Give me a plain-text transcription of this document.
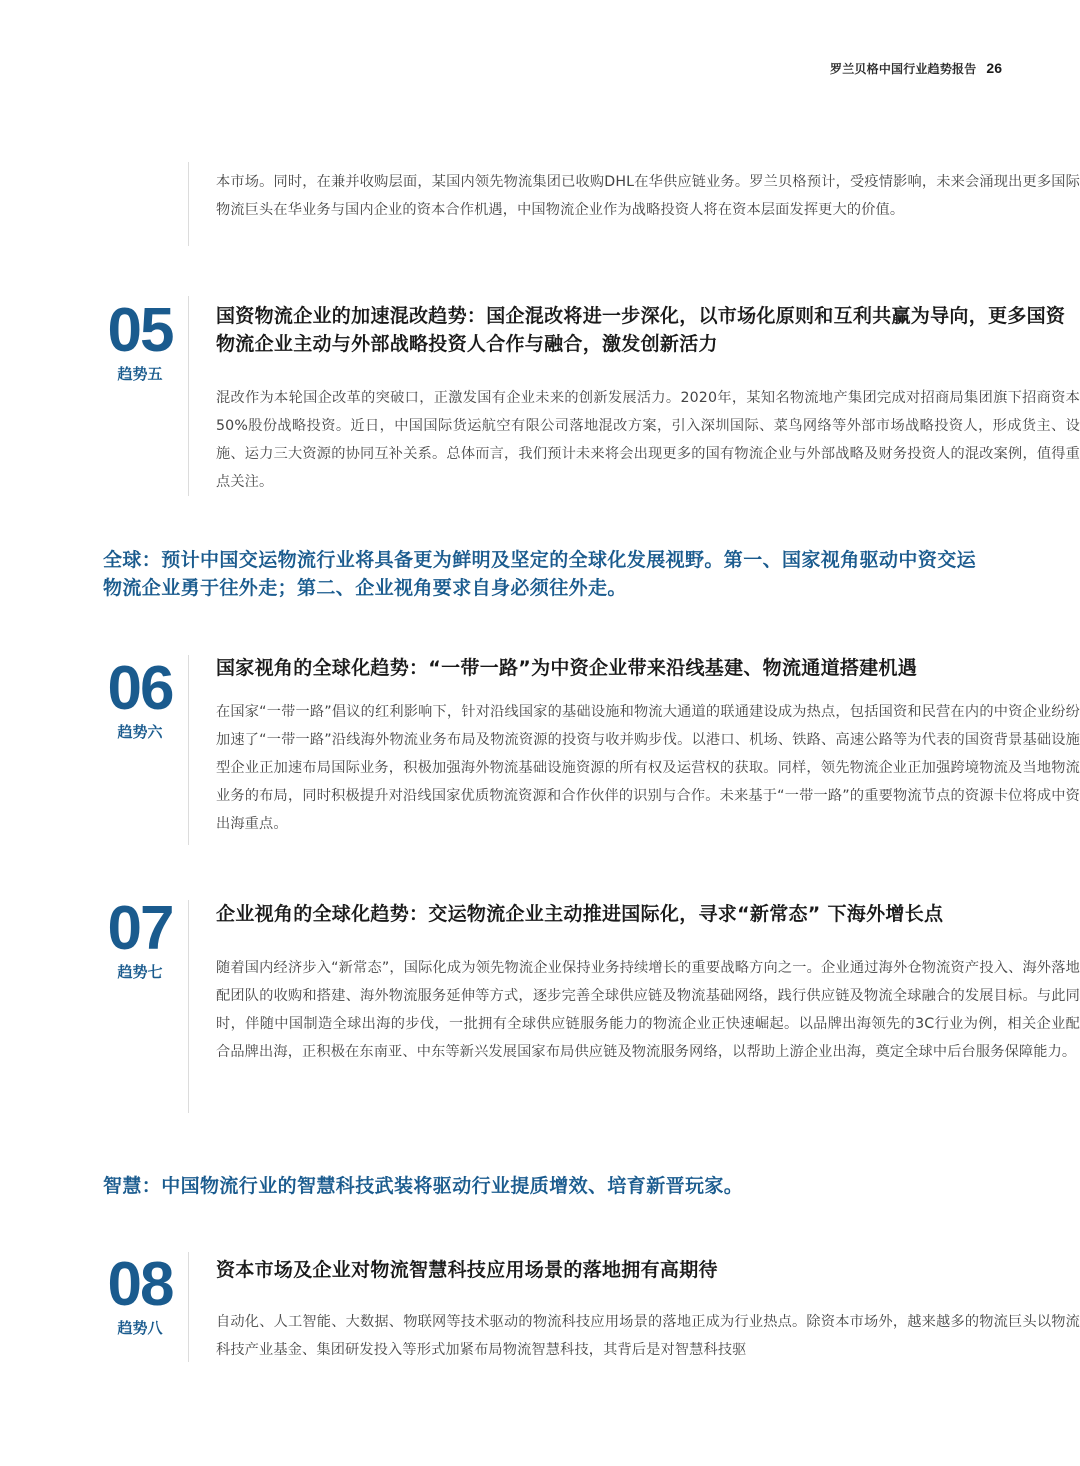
罗兰贝格中国行业趋势报告 26

本市场。同时，在兼并收购层面，某国内领先物流集团已收购DHL在华供应链业务。罗兰贝格预计，受疫情影响，未来会涌现出更多国际物流巨头在华业务与国内企业的资本合作机遇，中国物流企业作为战略投资人将在资本层面发挥更大的价值。

05
趋势五
国资物流企业的加速混改趋势：国企混改将进一步深化，以市场化原则和互利共赢为导向，更多国资物流企业主动与外部战略投资人合作与融合，激发创新活力

混改作为本轮国企改革的突破口，正激发国有企业未来的创新发展活力。2020年，某知名物流地产集团完成对招商局集团旗下招商资本50%股份战略投资。近日，中国国际货运航空有限公司落地混改方案，引入深圳国际、菜鸟网络等外部市场战略投资人，形成货主、设施、运力三大资源的协同互补关系。总体而言，我们预计未来将会出现更多的国有物流企业与外部战略及财务投资人的混改案例，值得重点关注。

全球：预计中国交运物流行业将具备更为鲜明及坚定的全球化发展视野。第一、国家视角驱动中资交运物流企业勇于往外走；第二、企业视角要求自身必须往外走。

06
趋势六
国家视角的全球化趋势：“一带一路”为中资企业带来沿线基建、物流通道搭建机遇

在国家“一带一路”倡议的红利影响下，针对沿线国家的基础设施和物流大通道的联通建设成为热点，包括国资和民营在内的中资企业纷纷加速了“一带一路”沿线海外物流业务布局及物流资源的投资与收并购步伐。以港口、机场、铁路、高速公路等为代表的国资背景基础设施型企业正加速布局国际业务，积极加强海外物流基础设施资源的所有权及运营权的获取。同样，领先物流企业正加强跨境物流及当地物流业务的布局，同时积极提升对沿线国家优质物流资源和合作伙伴的识别与合作。未来基于“一带一路”的重要物流节点的资源卡位将成中资出海重点。

07
趋势七
企业视角的全球化趋势：交运物流企业主动推进国际化，寻求“新常态” 下海外增长点

随着国内经济步入“新常态”，国际化成为领先物流企业保持业务持续增长的重要战略方向之一。企业通过海外仓物流资产投入、海外落地配团队的收购和搭建、海外物流服务延伸等方式，逐步完善全球供应链及物流基础网络，践行供应链及物流全球融合的发展目标。与此同时，伴随中国制造全球出海的步伐，一批拥有全球供应链服务能力的物流企业正快速崛起。以品牌出海领先的3C行业为例，相关企业配合品牌出海，正积极在东南亚、中东等新兴发展国家布局供应链及物流服务网络，以帮助上游企业出海，奠定全球中后台服务保障能力。

智慧：中国物流行业的智慧科技武装将驱动行业提质增效、培育新晋玩家。

08
趋势八
资本市场及企业对物流智慧科技应用场景的落地拥有高期待

自动化、人工智能、大数据、物联网等技术驱动的物流科技应用场景的落地正成为行业热点。除资本市场外，越来越多的物流巨头以物流科技产业基金、集团研发投入等形式加紧布局物流智慧科技，其背后是对智慧科技驱
